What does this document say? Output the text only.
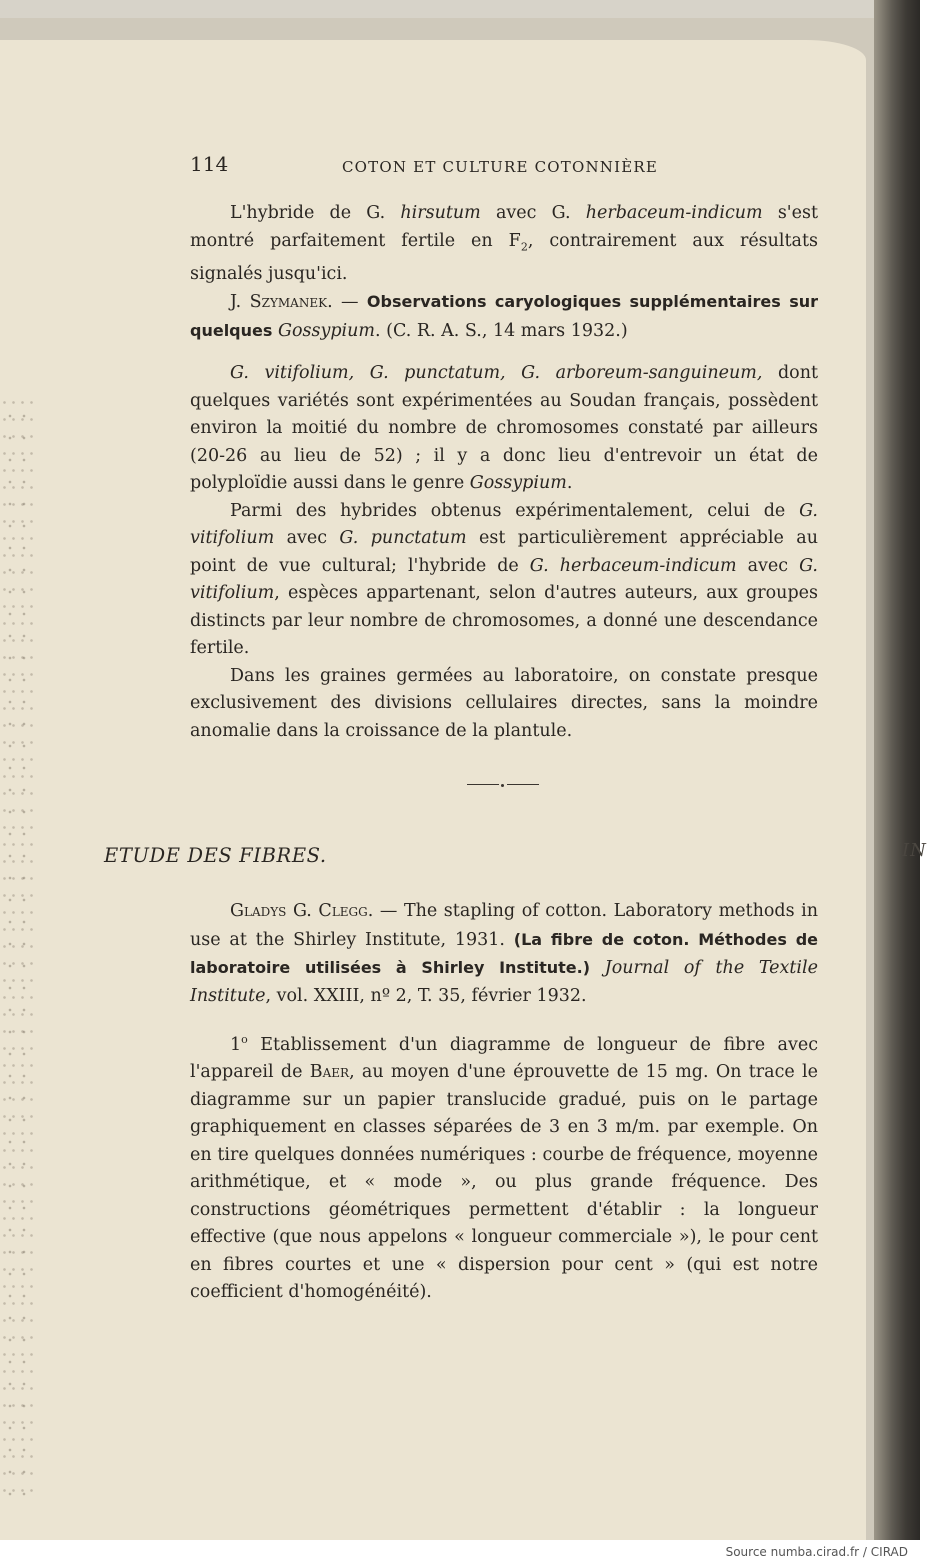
IN
114	COTON ET CULTURE COTONNIÈRE

L'hybride de G. hirsutum avec G. herbaceum-indicum s'est montré parfaitement fertile en $F_2$, contrairement aux résultats signalés jusqu'ici.

J. Szymanek. — Observations caryologiques supplémentaires sur quelques Gossypium. (C. R. A. S., 14 mars 1932.)

G. vitifolium, G. punctatum, G. arboreum-sanguineum, dont quelques variétés sont expérimentées au Soudan français, possèdent environ la moitié du nombre de chromosomes constaté par ailleurs (20-26 au lieu de 52) ; il y a donc lieu d'entrevoir un état de polyploïdie aussi dans le genre Gossypium.

Parmi des hybrides obtenus expérimentalement, celui de G. vitifolium avec G. punctatum est particulièrement appréciable au point de vue cultural; l'hybride de G. herbaceum-indicum avec G. vitifolium, espèces appartenant, selon d'autres auteurs, aux groupes distincts par leur nombre de chromosomes, a donné une descendance fertile.

Dans les graines germées au laboratoire, on constate presque exclusivement des divisions cellulaires directes, sans la moindre anomalie dans la croissance de la plantule.

ETUDE DES FIBRES.

Gladys G. Clegg. — The stapling of cotton. Laboratory methods in use at the Shirley Institute, 1931. (La fibre de coton. Méthodes de laboratoire utilisées à Shirley Institute.) Journal of the Textile Institute, vol. XXIII, nº 2, T. 35, février 1932.

1$^o$ Etablissement d'un diagramme de longueur de fibre avec l'appareil de Baer, au moyen d'une éprouvette de 15 mg. On trace le diagramme sur un papier translucide gradué, puis on le partage graphiquement en classes séparées de 3 en 3 m/m. par exemple. On en tire quelques données numériques : courbe de fréquence, moyenne arithmétique, et « mode », ou plus grande fréquence. Des constructions géométriques permettent d'établir : la longueur effective (que nous appelons « longueur commerciale »), le pour cent en fibres courtes et une « dispersion pour cent » (qui est notre coefficient d'homogénéité).

Source numba.cirad.fr / CIRAD
